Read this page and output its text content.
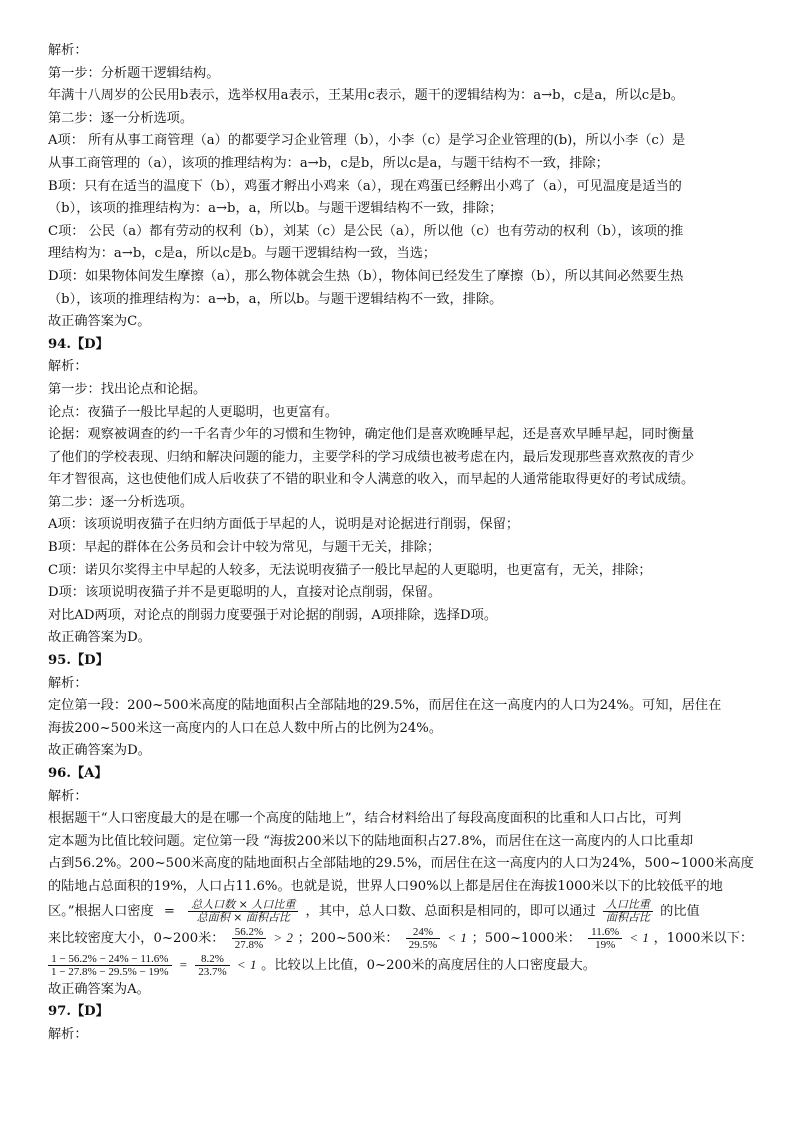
解析：

第一步：分析题干逻辑结构。

年满十八周岁的公民用b表示，选举权用a表示，王某用c表示，题干的逻辑结构为：a→b，c是a，所以c是b。

第二步：逐一分析选项。

A项： 所有从事工商管理（a）的都要学习企业管理（b），小李（c）是学习企业管理的(b)，所以小李（c）是

从事工商管理的（a），该项的推理结构为：a→b，c是b，所以c是a，与题干结构不一致，排除；

B项：只有在适当的温度下（b），鸡蛋才孵出小鸡来（a），现在鸡蛋已经孵出小鸡了（a），可见温度是适当的

（b），该项的推理结构为：a→b，a，所以b。与题干逻辑结构不一致，排除；

C项： 公民（a）都有劳动的权利（b），刘某（c）是公民（a），所以他（c）也有劳动的权利（b），该项的推

理结构为：a→b，c是a，所以c是b。与题干逻辑结构一致，当选；

D项：如果物体间发生摩擦（a），那么物体就会生热（b），物体间已经发生了摩擦（b），所以其间必然要生热

（b），该项的推理结构为：a→b，a，所以b。与题干逻辑结构不一致，排除。

故正确答案为C。

94.【D】

解析：

第一步：找出论点和论据。

论点：夜猫子一般比早起的人更聪明，也更富有。

论据：观察被调查的约一千名青少年的习惯和生物钟，确定他们是喜欢晚睡早起，还是喜欢早睡早起，同时衡量

了他们的学校表现、归纳和解决问题的能力，主要学科的学习成绩也被考虑在内，最后发现那些喜欢熬夜的青少

年才智很高，这也使他们成人后收获了不错的职业和令人满意的收入，而早起的人通常能取得更好的考试成绩。

第二步：逐一分析选项。

A项：该项说明夜猫子在归纳方面低于早起的人，说明是对论据进行削弱，保留；

B项：早起的群体在公务员和会计中较为常见，与题干无关，排除；

C项：诺贝尔奖得主中早起的人较多，无法说明夜猫子一般比早起的人更聪明，也更富有，无关，排除；

D项：该项说明夜猫子并不是更聪明的人，直接对论点削弱，保留。

对比AD两项，对论点的削弱力度要强于对论据的削弱，A项排除，选择D项。

故正确答案为D。

95.【D】

解析：

定位第一段：200~500米高度的陆地面积占全部陆地的29.5%，而居住在这一高度内的人口为24%。可知，居住在

海拔200~500米这一高度内的人口在总人数中所占的比例为24%。

故正确答案为D。

96.【A】

解析：

根据题干“人口密度最大的是在哪一个高度的陆地上”，结合材料给出了每段高度面积的比重和人口占比，可判

定本题为比值比较问题。定位第一段 “海拔200米以下的陆地面积占27.8%，而居住在这一高度内的人口比重却

占到56.2%。200~500米高度的陆地面积占全部陆地的29.5%，而居住在这一高度内的人口为24%，500~1000米高度

的陆地占总面积的19%，人口占11.6%。也就是说，世界人口90%以上都是居住在海拔1000米以下的比较低平的地

区。”根据人口密度 = $\frac{\text{总人口数 × 人口比重}}{\text{总面积 × 面积占比}}$ ，其中，总人口数、总面积是相同的，即可以通过 $\frac{\text{人口比重}}{\text{面积占比}}$ 的比值

来比较密度大小，0~200米： $\frac{56.2\%}{27.8\%} > 2$ ；200~500米： $\frac{24\%}{29.5\%} < 1$ ；500~1000米： $\frac{11.6\%}{19\%} < 1$ ，1000米以下：

$\frac{1 - 56.2\% - 24\% - 11.6\%}{1 - 27.8\% - 29.5\% - 19\%} = \frac{8.2\%}{23.7\%} < 1$ 。比较以上比值，0~200米的高度居住的人口密度最大。

故正确答案为A。

97.【D】

解析：
